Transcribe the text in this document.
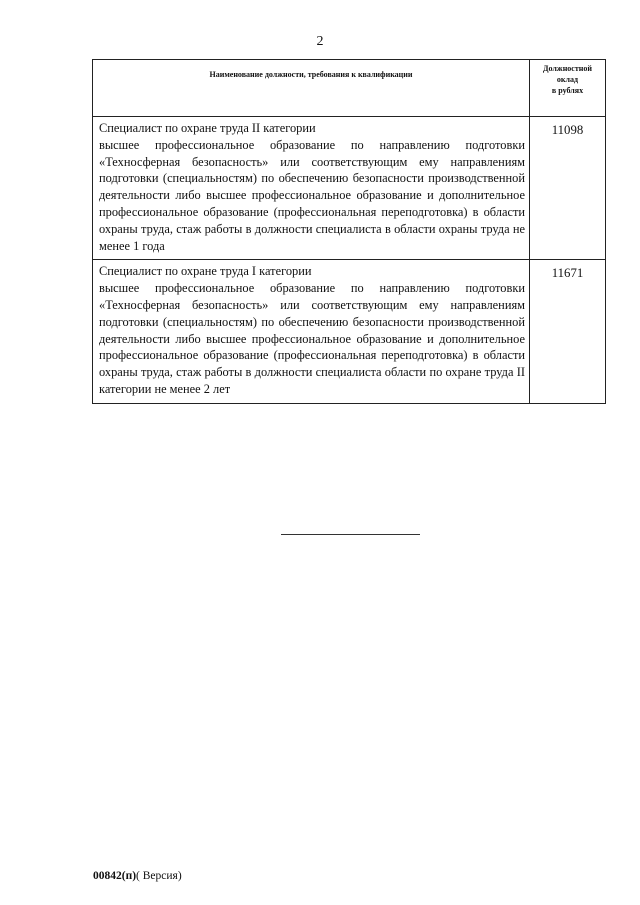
2
Наименование должности, требования к квалификации	Должностной
оклад
в рублях

Специалист по охране труда II категории
высшее профессиональное образование по направлению подготовки «Техносферная безопасность» или соответствующим ему направлениям подготовки (специальностям) по обеспечению безопасности производственной деятельности либо высшее профессиональное образование и дополнительное профессиональное образование (профессиональная переподготовка) в области охраны труда, стаж работы в должности специалиста в области охраны труда не менее 1 года	11098

Специалист по охране труда I категории
высшее профессиональное образование по направлению подготовки «Техносферная безопасность» или соответствующим ему направлениям подготовки (специальностям) по обеспечению безопасности производственной деятельности либо высшее профессиональное образование и дополнительное профессиональное образование (профессиональная переподготовка) в области охраны труда, стаж работы в должности специалиста области по охране труда II категории не менее 2 лет	11671
00842(п)( Версия)
